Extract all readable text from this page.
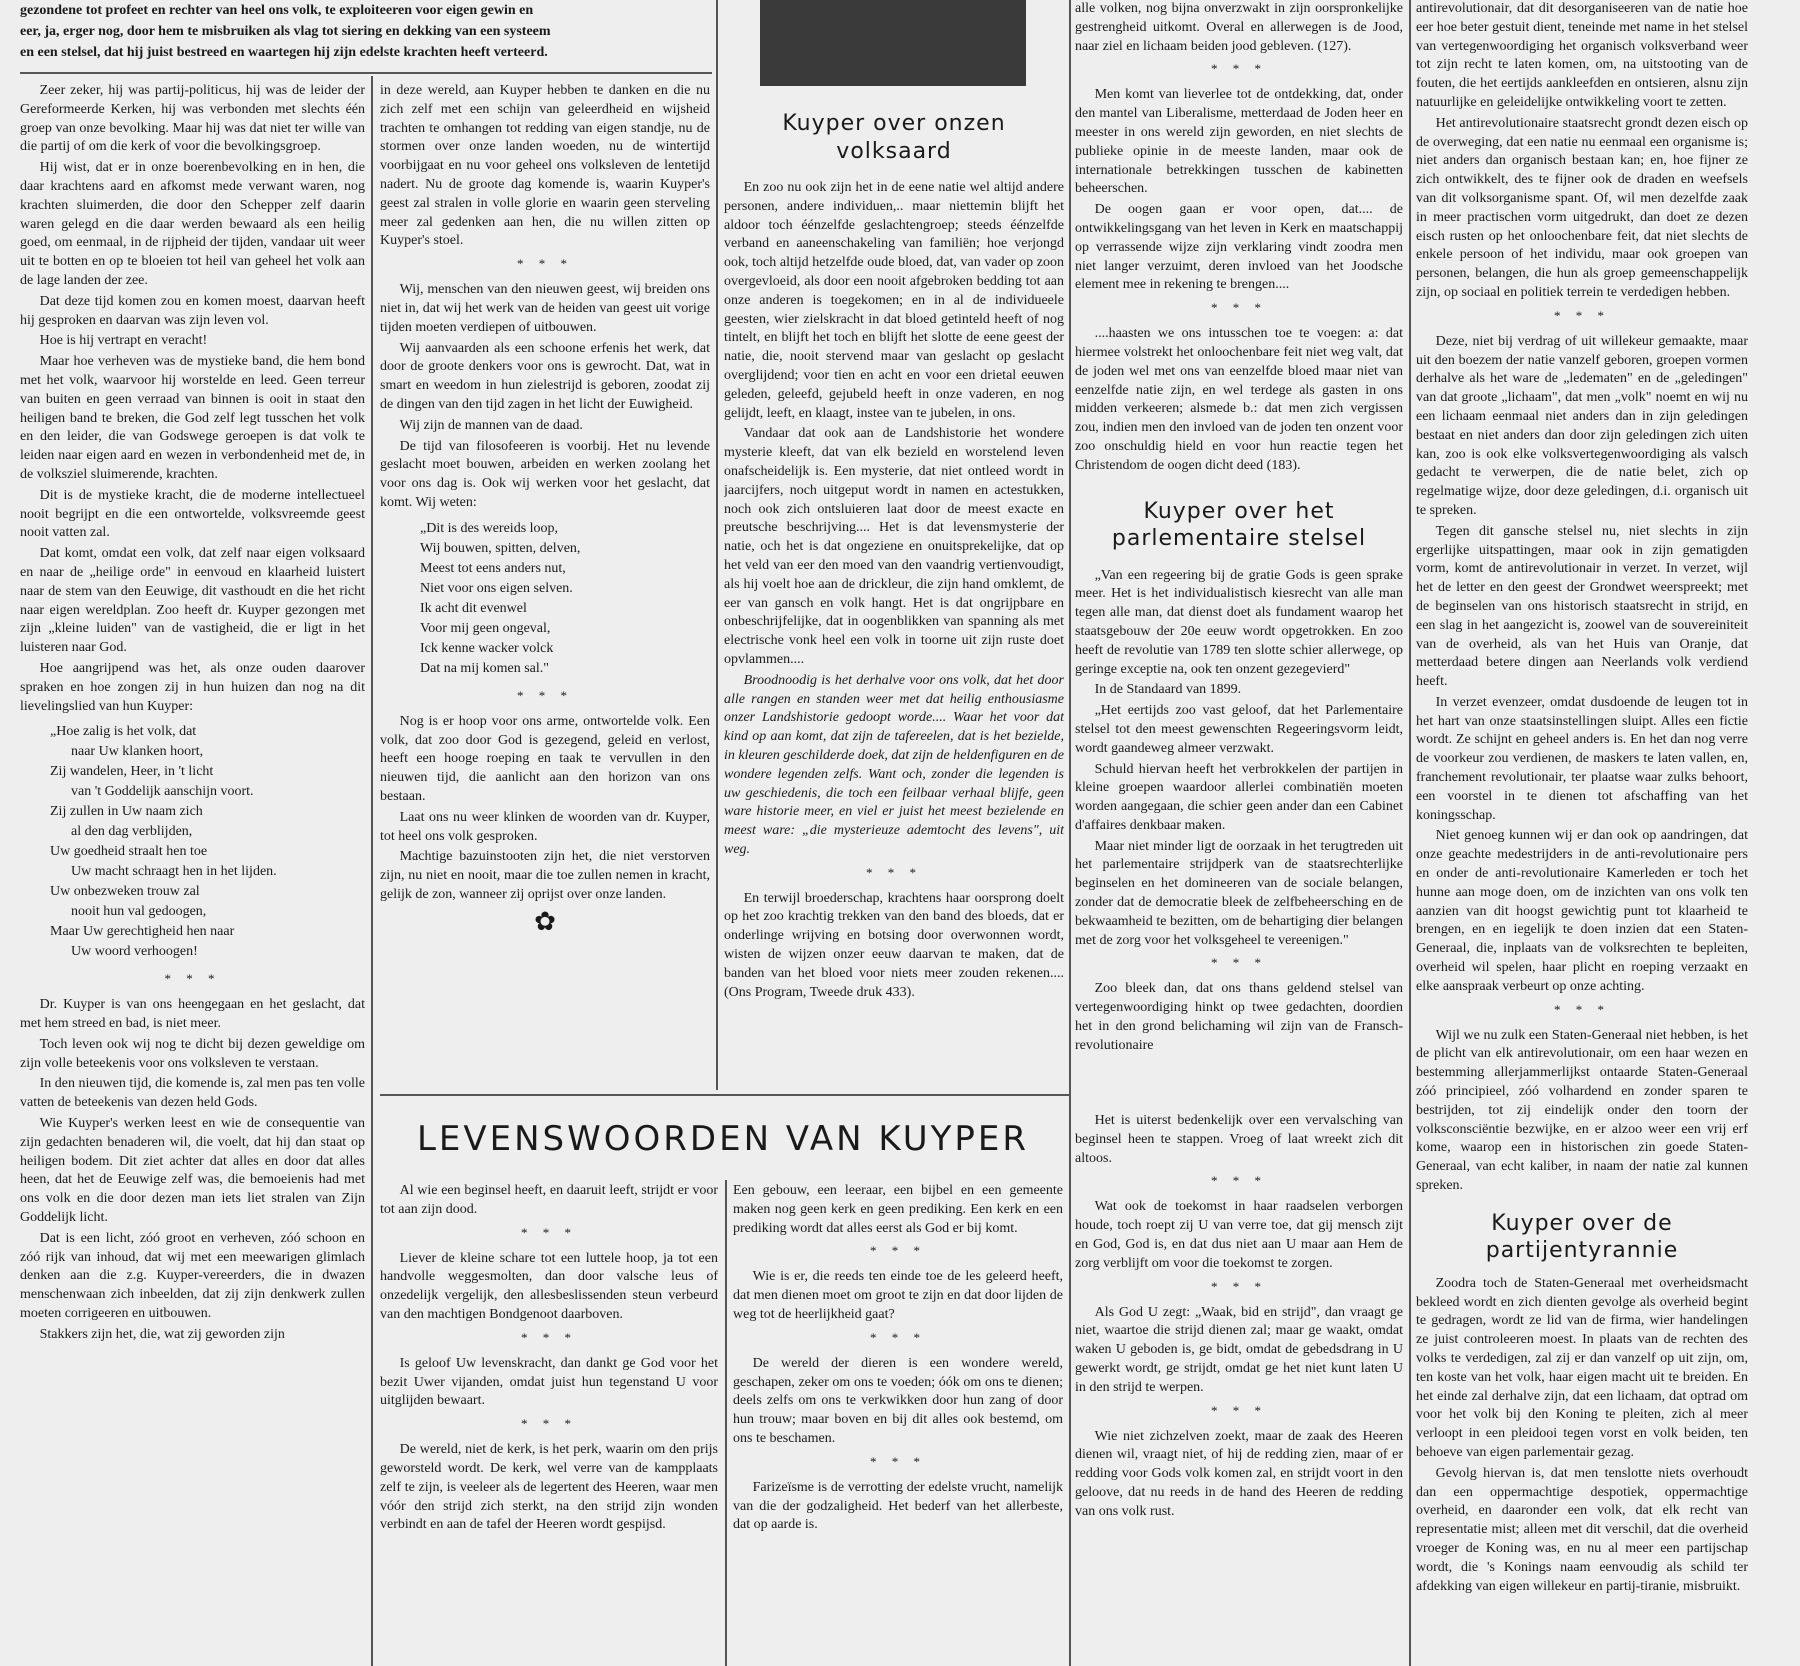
gezondene tot profeet en rechter van heel ons volk, te exploiteeren voor eigen gewin en

eer, ja, erger nog, door hem te misbruiken als vlag tot siering en dekking van een systeem

en een stelsel, dat hij juist bestreed en waartegen hij zijn edelste krachten heeft verteerd.

Zeer zeker, hij was partij-politicus, hij was de leider der Gereformeerde Kerken, hij was verbonden met slechts één groep van onze bevolking. Maar hij was dat niet ter wille van die partij of om die kerk of voor die bevolkingsgroep.

Hij wist, dat er in onze boerenbevolking en in hen, die daar krachtens aard en afkomst mede verwant waren, nog krachten sluimerden, die door den Schepper zelf daarin waren gelegd en die daar werden bewaard als een heilig goed, om eenmaal, in de rijpheid der tijden, vandaar uit weer uit te botten en op te bloeien tot heil van geheel het volk aan de lage landen der zee.

Dat deze tijd komen zou en komen moest, daarvan heeft hij gesproken en daarvan was zijn leven vol.

Hoe is hij vertrapt en veracht!

Maar hoe verheven was de mystieke band, die hem bond met het volk, waarvoor hij worstelde en leed. Geen terreur van buiten en geen verraad van binnen is ooit in staat den heiligen band te breken, die God zelf legt tusschen het volk en den leider, die van Godswege geroepen is dat volk te leiden naar eigen aard en wezen in verbondenheid met de, in de volksziel sluimerende, krachten.

Dit is de mystieke kracht, die de moderne intellectueel nooit begrijpt en die een ontwortelde, volksvreemde geest nooit vatten zal.

Dat komt, omdat een volk, dat zelf naar eigen volksaard en naar de „heilige orde" in eenvoud en klaarheid luistert naar de stem van den Eeuwige, dit vasthoudt en die het richt naar eigen wereldplan. Zoo heeft dr. Kuyper gezongen met zijn „kleine luiden" van de vastigheid, die er ligt in het luisteren naar God.

Hoe aangrijpend was het, als onze ouden daarover spraken en hoe zongen zij in hun huizen dan nog na dit lievelingslied van hun Kuyper:

„Hoe zalig is het volk, dat
naar Uw klanken hoort,
Zij wandelen, Heer, in 't licht
van 't Goddelijk aanschijn voort.
Zij zullen in Uw naam zich
al den dag verblijden,
Uw goedheid straalt hen toe
Uw macht schraagt hen in het lijden.
Uw onbezweken trouw zal
nooit hun val gedoogen,
Maar Uw gerechtigheid hen naar
Uw woord verhoogen!
* * *

Dr. Kuyper is van ons heengegaan en het geslacht, dat met hem streed en bad, is niet meer.

Toch leven ook wij nog te dicht bij dezen geweldige om zijn volle beteekenis voor ons volksleven te verstaan.

In den nieuwen tijd, die komende is, zal men pas ten volle vatten de beteekenis van dezen held Gods.

Wie Kuyper's werken leest en wie de consequentie van zijn gedachten benaderen wil, die voelt, dat hij dan staat op heiligen bodem. Dit ziet achter dat alles en door dat alles heen, dat het de Eeuwige zelf was, die bemoeienis had met ons volk en die door dezen man iets liet stralen van Zijn Goddelijk licht.

Dat is een licht, zóó groot en verheven, zóó schoon en zóó rijk van inhoud, dat wij met een meewarigen glimlach denken aan die z.g. Kuyper-vereerders, die in dwazen menschenwaan zich inbeelden, dat zij zijn denkwerk zullen moeten corrigeeren en uitbouwen.

Stakkers zijn het, die, wat zij geworden zijn

in deze wereld, aan Kuyper hebben te danken en die nu zich zelf met een schijn van geleerdheid en wijsheid trachten te omhangen tot redding van eigen standje, nu de stormen over onze landen woeden, nu de wintertijd voorbijgaat en nu voor geheel ons volksleven de lentetijd nadert. Nu de groote dag komende is, waarin Kuyper's geest zal stralen in volle glorie en waarin geen sterveling meer zal gedenken aan hen, die nu willen zitten op Kuyper's stoel.

* * *

Wij, menschen van den nieuwen geest, wij breiden ons niet in, dat wij het werk van de heiden van geest uit vorige tijden moeten verdiepen of uitbouwen.

Wij aanvaarden als een schoone erfenis het werk, dat door de groote denkers voor ons is gewrocht. Dat, wat in smart en weedom in hun zielestrijd is geboren, zoodat zij de dingen van den tijd zagen in het licht der Euwigheid.

Wij zijn de mannen van de daad.

De tijd van filosofeeren is voorbij. Het nu levende geslacht moet bouwen, arbeiden en werken zoolang het voor ons dag is. Ook wij werken voor het geslacht, dat komt. Wij weten:

„Dit is des wereids loop,
Wij bouwen, spitten, delven,
Meest tot eens anders nut,
Niet voor ons eigen selven.
Ik acht dit evenwel
Voor mij geen ongeval,
Ick kenne wacker volck
Dat na mij komen sal."
* * *

Nog is er hoop voor ons arme, ontwortelde volk. Een volk, dat zoo door God is gezegend, geleid en verlost, heeft een hooge roeping en taak te vervullen in den nieuwen tijd, die aanlicht aan den horizon van ons bestaan.

Laat ons nu weer klinken de woorden van dr. Kuyper, tot heel ons volk gesproken.

Machtige bazuinstooten zijn het, die niet verstorven zijn, nu niet en nooit, maar die toe zullen nemen in kracht, gelijk de zon, wanneer zij oprijst over onze landen.

✿
Kuyper over onzen volksaard

En zoo nu ook zijn het in de eene natie wel altijd andere personen, andere individuen,.. maar niettemin blijft het aldoor toch éénzelfde geslachtengroep; steeds éénzelfde verband en aaneenschakeling van familiën; hoe verjongd ook, toch altijd hetzelfde oude bloed, dat, van vader op zoon overgevloeid, als door een nooit afgebroken bedding tot aan onze anderen is toegekomen; en in al de individueele geesten, wier zielskracht in dat bloed getinteld heeft of nog tintelt, en blijft het toch en blijft het slotte de eene geest der natie, die, nooit stervend maar van geslacht op geslacht overglijdend; voor tien en acht en voor een drietal eeuwen geleden, geleefd, gejubeld heeft in onze vaderen, en nog gelijdt, leeft, en klaagt, instee van te jubelen, in ons.

Vandaar dat ook aan de Landshistorie het wondere mysterie kleeft, dat van elk bezield en worstelend leven onafscheidelijk is. Een mysterie, dat niet ontleed wordt in jaarcijfers, noch uitgeput wordt in namen en actestukken, noch ook zich ontsluieren laat door de meest exacte en preutsche beschrijving.... Het is dat levensmysterie der natie, och het is dat ongeziene en onuitsprekelijke, dat op het veld van eer den moed van den vaandrig vertienvoudigt, als hij voelt hoe aan de drickleur, die zijn hand omklemt, de eer van gansch en volk hangt. Het is dat ongrijpbare en onbeschrijfelijke, dat in oogenblikken van spanning als met electrische vonk heel een volk in toorne uit zijn ruste doet opvlammen....

Broodnoodig is het derhalve voor ons volk, dat het door alle rangen en standen weer met dat heilig enthousiasme onzer Landshistorie gedoopt worde.... Waar het voor dat kind op aan komt, dat zijn de tafereelen, dat is het bezielde, in kleuren geschilderde doek, dat zijn de heldenfiguren en de wondere legenden zelfs. Want och, zonder die legenden is uw geschiedenis, die toch een feilbaar verhaal blijfe, geen ware historie meer, en viel er juist het meest bezielende en meest ware: „die mysterieuze ademtocht des levens", uit weg.

* * *

En terwijl broederschap, krachtens haar oorsprong doelt op het zoo krachtig trekken van den band des bloeds, dat er onderlinge wrijving en botsing door overwonnen wordt, wisten de wijzen onzer eeuw daarvan te maken, dat de banden van het bloed voor niets meer zouden rekenen.... (Ons Program, Tweede druk 433).

alle volken, nog bijna onverzwakt in zijn oorspronkelijke gestrengheid uitkomt. Overal en allerwegen is de Jood, naar ziel en lichaam beiden jood gebleven. (127).

* * *

Men komt van lieverlee tot de ontdekking, dat, onder den mantel van Liberalisme, metterdaad de Joden heer en meester in ons wereld zijn geworden, en niet slechts de publieke opinie in de meeste landen, maar ook de internationale betrekkingen tusschen de kabinetten beheerschen.

De oogen gaan er voor open, dat.... de ontwikkelingsgang van het leven in Kerk en maatschappij op verrassende wijze zijn verklaring vindt zoodra men niet langer verzuimt, deren invloed van het Joodsche element mee in rekening te brengen....

* * *

....haasten we ons intusschen toe te voegen: a: dat hiermee volstrekt het onloochenbare feit niet weg valt, dat de joden wel met ons van eenzelfde bloed maar niet van eenzelfde natie zijn, en wel terdege als gasten in ons midden verkeeren; alsmede b.: dat men zich vergissen zou, indien men den invloed van de joden ten onzent voor zoo onschuldig hield en voor hun reactie tegen het Christendom de oogen dicht deed (183).

Kuyper over het parlementaire stelsel

„Van een regeering bij de gratie Gods is geen sprake meer. Het is het individualistisch kiesrecht van alle man tegen alle man, dat dienst doet als fundament waarop het staatsgebouw der 20e eeuw wordt opgetrokken. En zoo heeft de revolutie van 1789 ten slotte schier allerwege, op geringe exceptie na, ook ten onzent gezegevierd"

In de Standaard van 1899.

„Het eertijds zoo vast geloof, dat het Parlementaire stelsel tot den meest gewenschten Regeeringsvorm leidt, wordt gaandeweg almeer verzwakt.

Schuld hiervan heeft het verbrokkelen der partijen in kleine groepen waardoor allerlei combinatiën moeten worden aangegaan, die schier geen ander dan een Cabinet d'affaires denkbaar maken.

Maar niet minder ligt de oorzaak in het terugtreden uit het parlementaire strijdperk van de staatsrechterlijke beginselen en het domineeren van de sociale belangen, zonder dat de democratie bleek de zelfbeheersching en de bekwaamheid te bezitten, om de behartiging dier belangen met de zorg voor het volksgeheel te vereenigen."

* * *

Zoo bleek dan, dat ons thans geldend stelsel van vertegenwoordiging hinkt op twee gedachten, doordien het in den grond belichaming wil zijn van de Fransch-revolutionaire

antirevolutionair, dat dit desorganiseeren van de natie hoe eer hoe beter gestuit dient, teneinde met name in het stelsel van vertegenwoordiging het organisch volksverband weer tot zijn recht te laten komen, om, na uitstooting van de fouten, die het eertijds aankleefden en ontsieren, alsnu zijn natuurlijke en geleidelijke ontwikkeling voort te zetten.

Het antirevolutionaire staatsrecht grondt dezen eisch op de overweging, dat een natie nu eenmaal een organisme is; niet anders dan organisch bestaan kan; en, hoe fijner ze zich ontwikkelt, des te fijner ook de draden en weefsels van dit volksorganisme spant. Of, wil men dezelfde zaak in meer practischen vorm uitgedrukt, dan doet ze dezen eisch rusten op het onloochenbare feit, dat niet slechts de enkele persoon of het individu, maar ook groepen van personen, belangen, die hun als groep gemeenschappelijk zijn, op sociaal en politiek terrein te verdedigen hebben.

* * *

Deze, niet bij verdrag of uit willekeur gemaakte, maar uit den boezem der natie vanzelf geboren, groepen vormen derhalve als het ware de „ledematen" en de „geledingen" van dat groote „lichaam", dat men „volk" noemt en wij nu een lichaam eenmaal niet anders dan in zijn geledingen bestaat en niet anders dan door zijn geledingen zich uiten kan, zoo is ook elke volksvertegenwoordiging als valsch gedacht te verwerpen, die de natie belet, zich op regelmatige wijze, door deze geledingen, d.i. organisch uit te spreken.

Tegen dit gansche stelsel nu, niet slechts in zijn ergerlijke uitspattingen, maar ook in zijn gematigden vorm, komt de antirevolutionair in verzet. In verzet, wijl het de letter en den geest der Grondwet weerspreekt; met de beginselen van ons historisch staatsrecht in strijd, en een slag in het aangezicht is, zoowel van de souvereiniteit van de overheid, als van het Huis van Oranje, dat metterdaad betere dingen aan Neerlands volk verdiend heeft.

In verzet evenzeer, omdat dusdoende de leugen tot in het hart van onze staatsinstellingen sluipt. Alles een fictie wordt. Ze schijnt en geheel anders is. En het dan nog verre de voorkeur zou verdienen, de maskers te laten vallen, en, franchement revolutionair, ter plaatse waar zulks behoort, een voorstel in te dienen tot afschaffing van het koningsschap.

Niet genoeg kunnen wij er dan ook op aandringen, dat onze geachte medestrijders in de anti-revolutionaire pers en onder de anti-revolutionaire Kamerleden er toch het hunne aan moge doen, om de inzichten van ons volk ten aanzien van dit hoogst gewichtig punt tot klaarheid te brengen, en en iegelijk te doen inzien dat een Staten-Generaal, die, inplaats van de volksrechten te bepleiten, overheid wil spelen, haar plicht en roeping verzaakt en elke aanspraak verbeurt op onze achting.

* * *

Wijl we nu zulk een Staten-Generaal niet hebben, is het de plicht van elk antirevolutionair, om een haar wezen en bestemming allerjammerlijkst ontaarde Staten-Generaal zóó principieel, zóó volhardend en zonder sparen te bestrijden, tot zij eindelijk onder den toorn der volksconsciëntie bezwijke, en er alzoo weer een vrij erf kome, waarop een in historischen zin goede Staten-Generaal, van echt kaliber, in naam der natie zal kunnen spreken.

Kuyper over de partijentyrannie

Zoodra toch de Staten-Generaal met overheidsmacht bekleed wordt en zich dienten gevolge als overheid begint te gedragen, wordt ze lid van de firma, wier handelingen ze juist controleeren moest. In plaats van de rechten des volks te verdedigen, zal zij er dan vanzelf op uit zijn, om, ten koste van het volk, haar eigen macht uit te breiden. En het einde zal derhalve zijn, dat een lichaam, dat optrad om voor het volk bij den Koning te pleiten, zich al meer verloopt in een pleidooi tegen vorst en volk beiden, ten behoeve van eigen parlementair gezag.

Gevolg hiervan is, dat men tenslotte niets overhoudt dan een oppermachtige despotiek, oppermachtige overheid, en daaronder een volk, dat elk recht van representatie mist; alleen met dit verschil, dat die overheid vroeger de Koning was, en nu al meer een partijschap wordt, die 's Konings naam eenvoudig als schild ter afdekking van eigen willekeur en partij-tiranie, misbruikt.

LEVENSWOORDEN VAN KUYPER

Al wie een beginsel heeft, en daaruit leeft, strijdt er voor tot aan zijn dood.

* * *

Liever de kleine schare tot een luttele hoop, ja tot een handvolle weggesmolten, dan door valsche leus of onzedelijk vergelijk, den allesbeslissenden steun verbeurd van den machtigen Bondgenoot daarboven.

* * *

Is geloof Uw levenskracht, dan dankt ge God voor het bezit Uwer vijanden, omdat juist hun tegenstand U voor uitglijden bewaart.

* * *

De wereld, niet de kerk, is het perk, waarin om den prijs geworsteld wordt. De kerk, wel verre van de kampplaats zelf te zijn, is veeleer als de legertent des Heeren, waar men vóór den strijd zich sterkt, na den strijd zijn wonden verbindt en aan de tafel der Heeren wordt gespijsd.

Een gebouw, een leeraar, een bijbel en een gemeente maken nog geen kerk en geen prediking. Een kerk en een prediking wordt dat alles eerst als God er bij komt.

* * *

Wie is er, die reeds ten einde toe de les geleerd heeft, dat men dienen moet om groot te zijn en dat door lijden de weg tot de heerlijkheid gaat?

* * *

De wereld der dieren is een wondere wereld, geschapen, zeker om ons te voeden; óók om ons te dienen; deels zelfs om ons te verkwikken door hun zang of door hun trouw; maar boven en bij dit alles ook bestemd, om ons te beschamen.

* * *

Farizeïsme is de verrotting der edelste vrucht, namelijk van die der godzaligheid. Het bederf van het allerbeste, dat op aarde is.

Het is uiterst bedenkelijk over een vervalsching van beginsel heen te stappen. Vroeg of laat wreekt zich dit altoos.

* * *

Wat ook de toekomst in haar raadselen verborgen houde, toch roept zij U van verre toe, dat gij mensch zijt en God, God is, en dat dus niet aan U maar aan Hem de zorg verblijft om voor die toekomst te zorgen.

* * *

Als God U zegt: „Waak, bid en strijd", dan vraagt ge niet, waartoe die strijd dienen zal; maar ge waakt, omdat waken U geboden is, ge bidt, omdat de gebedsdrang in U gewerkt wordt, ge strijdt, omdat ge het niet kunt laten U in den strijd te werpen.

* * *

Wie niet zichzelven zoekt, maar de zaak des Heeren dienen wil, vraagt niet, of hij de redding zien, maar of er redding voor Gods volk komen zal, en strijdt voort in den geloove, dat nu reeds in de hand des Heeren de redding van ons volk rust.
